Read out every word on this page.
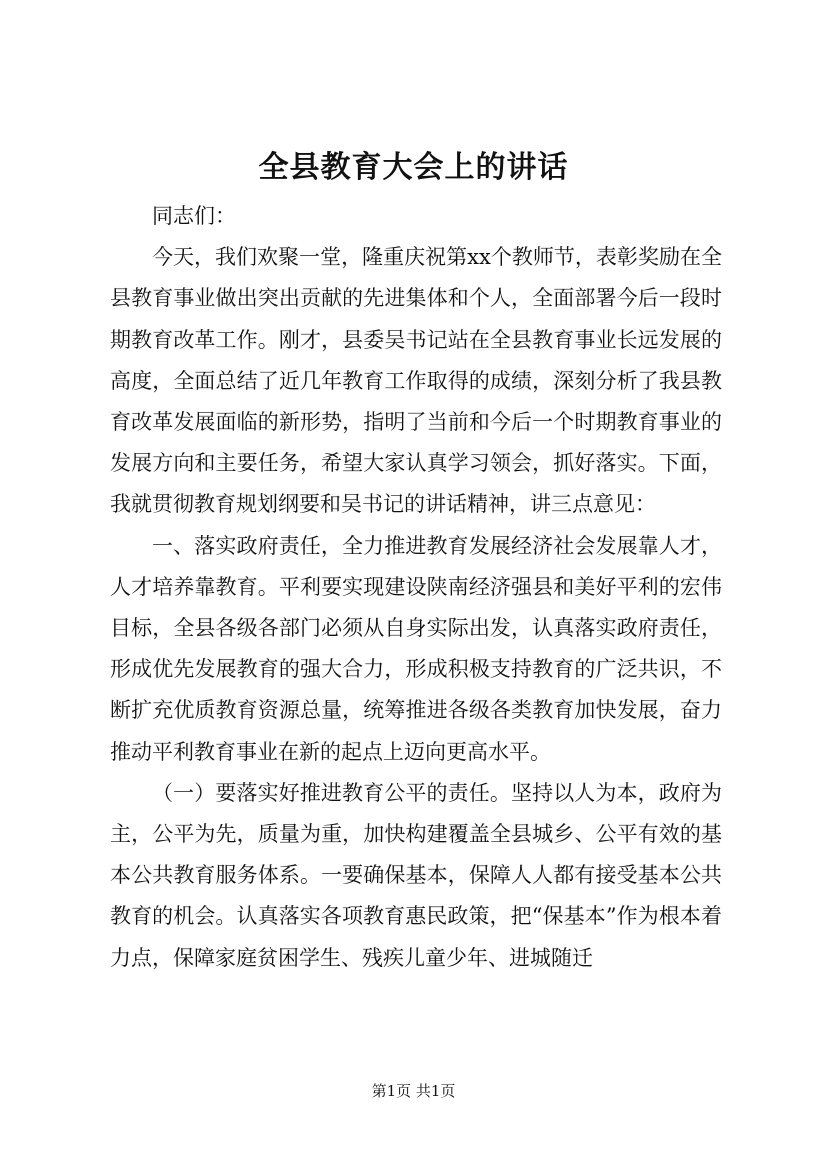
全县教育大会上的讲话

同志们：

今天，我们欢聚一堂，隆重庆祝第xx个教师节，表彰奖励在全县教育事业做出突出贡献的先进集体和个人，全面部署今后一段时期教育改革工作。刚才，县委吴书记站在全县教育事业长远发展的高度，全面总结了近几年教育工作取得的成绩，深刻分析了我县教育改革发展面临的新形势，指明了当前和今后一个时期教育事业的发展方向和主要任务，希望大家认真学习领会，抓好落实。下面，我就贯彻教育规划纲要和吴书记的讲话精神，讲三点意见：

一、落实政府责任，全力推进教育发展经济社会发展靠人才，人才培养靠教育。平利要实现建设陕南经济强县和美好平利的宏伟目标，全县各级各部门必须从自身实际出发，认真落实政府责任，形成优先发展教育的强大合力，形成积极支持教育的广泛共识，不断扩充优质教育资源总量，统筹推进各级各类教育加快发展，奋力推动平利教育事业在新的起点上迈向更高水平。

（一）要落实好推进教育公平的责任。坚持以人为本，政府为主，公平为先，质量为重，加快构建覆盖全县城乡、公平有效的基本公共教育服务体系。一要确保基本，保障人人都有接受基本公共教育的机会。认真落实各项教育惠民政策，把“保基本”作为根本着力点，保障家庭贫困学生、残疾儿童少年、进城随迁

第1页 共1页
